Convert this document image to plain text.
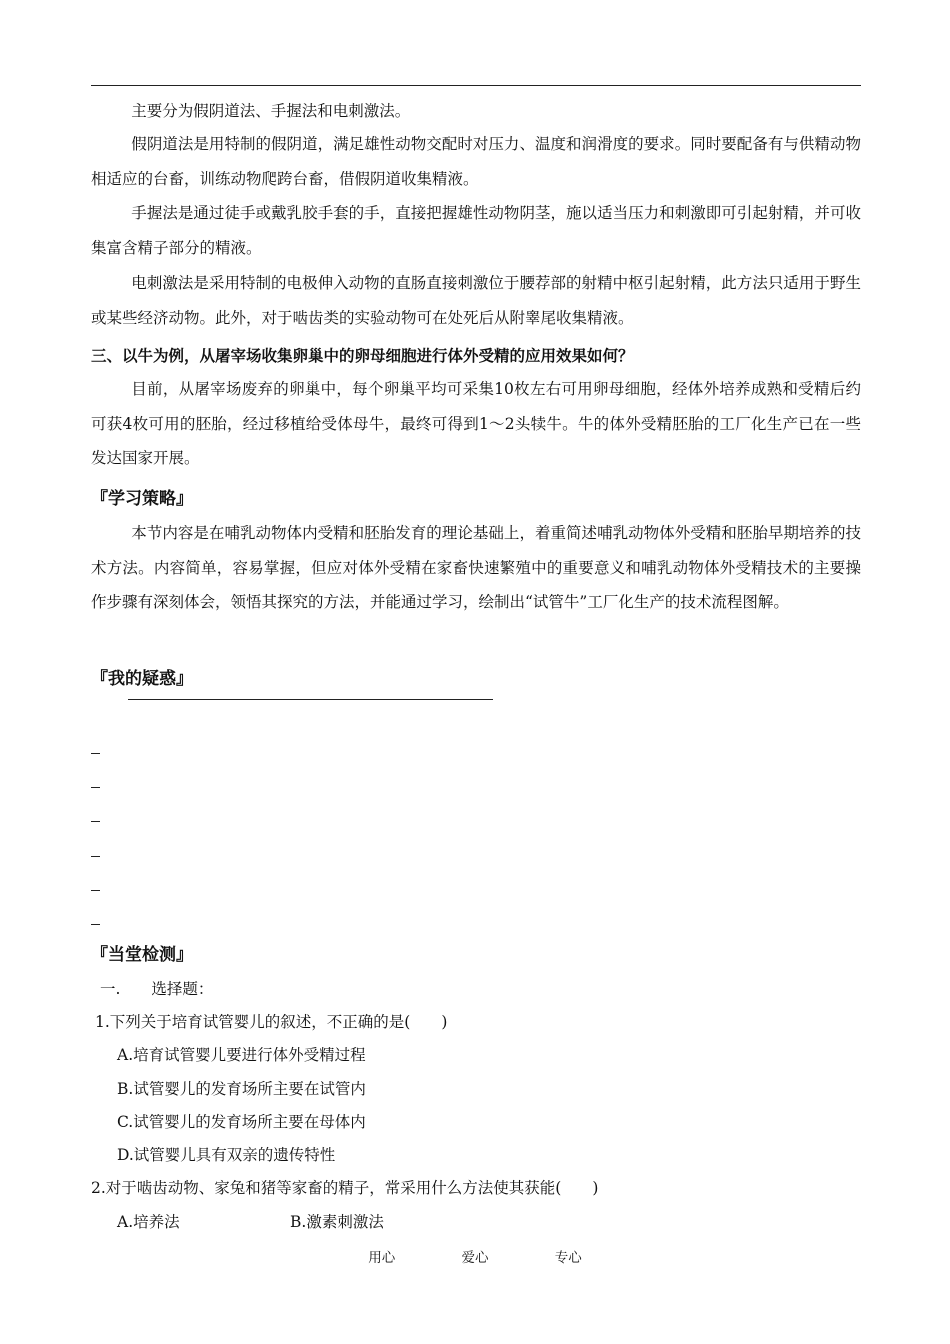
主要分为假阴道法、手握法和电刺激法。

假阴道法是用特制的假阴道，满足雄性动物交配时对压力、温度和润滑度的要求。同时要配备有与供精动物相适应的台畜，训练动物爬跨台畜，借假阴道收集精液。

手握法是通过徒手或戴乳胶手套的手，直接把握雄性动物阴茎，施以适当压力和刺激即可引起射精，并可收集富含精子部分的精液。

电刺激法是采用特制的电极伸入动物的直肠直接刺激位于腰荐部的射精中枢引起射精，此方法只适用于野生或某些经济动物。此外，对于啮齿类的实验动物可在处死后从附睾尾收集精液。

三、以牛为例，从屠宰场收集卵巢中的卵母细胞进行体外受精的应用效果如何？

目前，从屠宰场废弃的卵巢中，每个卵巢平均可采集10枚左右可用卵母细胞，经体外培养成熟和受精后约可获4枚可用的胚胎，经过移植给受体母牛，最终可得到1～2头犊牛。牛的体外受精胚胎的工厂化生产已在一些发达国家开展。

『学习策略』

本节内容是在哺乳动物体内受精和胚胎发育的理论基础上，着重简述哺乳动物体外受精和胚胎早期培养的技术方法。内容简单，容易掌握，但应对体外受精在家畜快速繁殖中的重要意义和哺乳动物体外受精技术的主要操作步骤有深刻体会，领悟其探究的方法，并能通过学习，绘制出“试管牛”工厂化生产的技术流程图解。

『我的疑惑』
『当堂检测』
一.　　选择题：
1.下列关于培育试管婴儿的叙述，不正确的是(　　)
A.培育试管婴儿要进行体外受精过程
B.试管婴儿的发育场所主要在试管内
C.试管婴儿的发育场所主要在母体内
D.试管婴儿具有双亲的遗传特性
2.对于啮齿动物、家兔和猪等家畜的精子，常采用什么方法使其获能(　　)
A.培养法	B.激素刺激法
用心	爱心	专心
